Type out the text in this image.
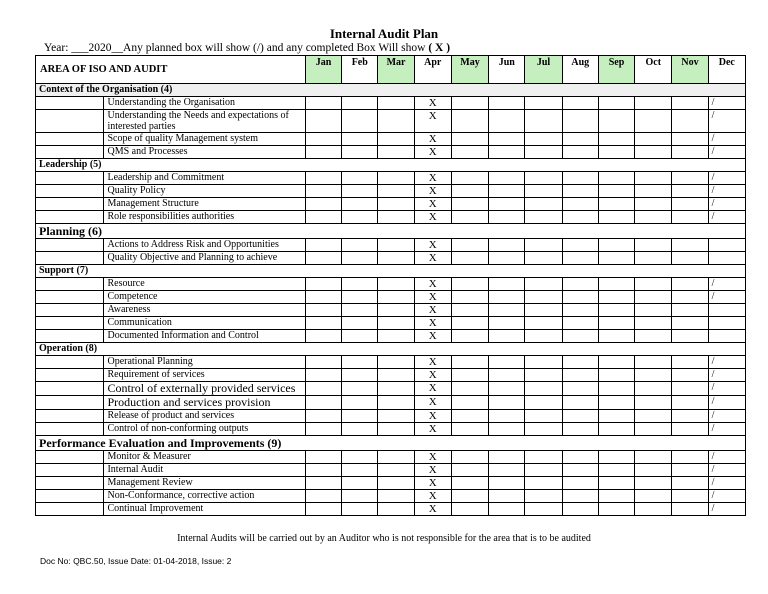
Internal Audit Plan
Year: ___2020__Any planned box will show (/) and any completed Box Will show ( X )
AREA OF ISO AND AUDIT		Jan	Feb	Mar	Apr	May	Jun	Jul	Aug	Sep	Oct	Nov	Dec
Context of the Organisation (4)													
	Understanding the Organisation				X								/
	Understanding the Needs and expectations of interested parties				X								/
	Scope of quality Management system				X								/
	QMS and Processes				X								/
Leadership (5)													
	Leadership and Commitment				X								/
	Quality Policy				X								/
	Management Structure				X								/
	Role responsibilities authorities				X								/
Planning (6)													
	Actions to Address Risk and Opportunities				X								
	Quality Objective and Planning to achieve				X								
Support (7)													
	Resource				X								/
	Competence				X								/
	Awareness				X								
	Communication				X								
	Documented Information and Control				X								
Operation (8)													
	Operational Planning				X								/
	Requirement of services				X								/
	Control of externally provided services				X								/
	Production and services provision				X								/
	Release of product and services				X								/
	Control of non-conforming outputs				X								/
Performance Evaluation and Improvements (9)													
	Monitor & Measurer				X								/
	Internal Audit				X								/
	Management Review				X								/
	Non-Conformance, corrective action				X								/
	Continual Improvement				X								/
Internal Audits will be carried out by an Auditor who is not responsible for the area that is to be audited
Doc No: QBC.50, Issue Date: 01-04-2018, Issue: 2
